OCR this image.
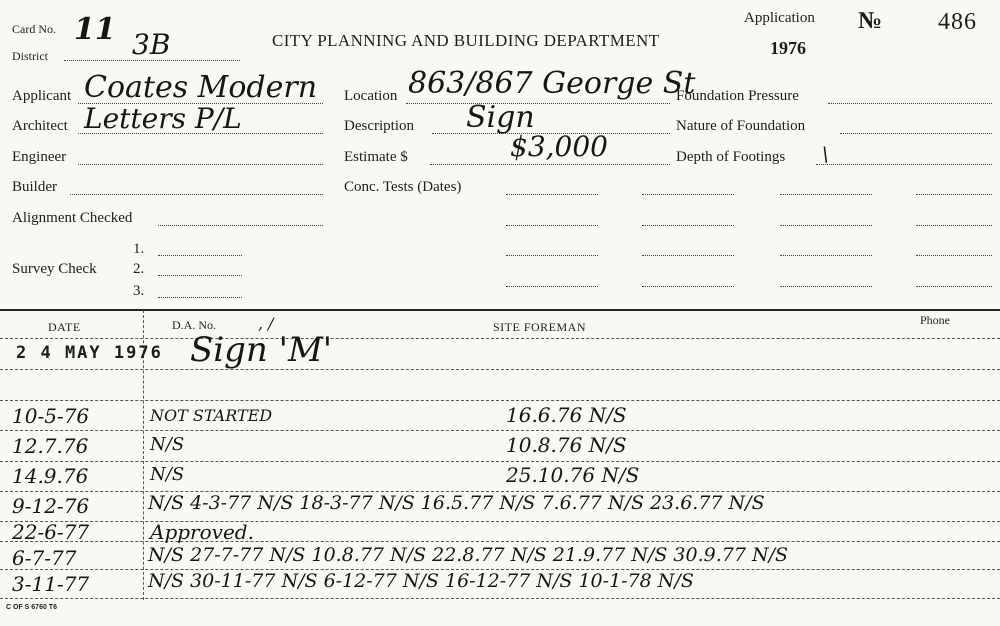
Card No. 11
District	3B	CITY PLANNING AND BUILDING DEPARTMENT
Application
1976
№ 486
Applicant Coates Modern
Architect Letters P/L
Engineer
Builder
Alignment Checked
Survey Check
1.
2.
3.
Location 863/867 George St
Description Sign
Estimate $	$3,000
Conc. Tests (Dates)
Foundation Pressure
Nature of Foundation
Depth of Footings \
DATE	D.A. No.	, /	SITE FOREMAN	Phone
2 4 MAY 1976 Sign 'M'
10-5-76	NOT STARTED	16.6.76 N/S
12.7.76	N/S	10.8.76 N/S
14.9.76	N/S	25.10.76 N/S
9-12-76	N/S 4-3-77 N/S 18-3-77 N/S 16.5.77 N/S 7.6.77 N/S 23.6.77 N/S
22-6-77	Approved.
6-7-77	N/S 27-7-77 N/S 10.8.77 N/S 22.8.77 N/S 21.9.77 N/S 30.9.77 N/S
3-11-77	N/S 30-11-77 N/S 6-12-77 N/S 16-12-77 N/S 10-1-78 N/S
C OF S 6760 T6
